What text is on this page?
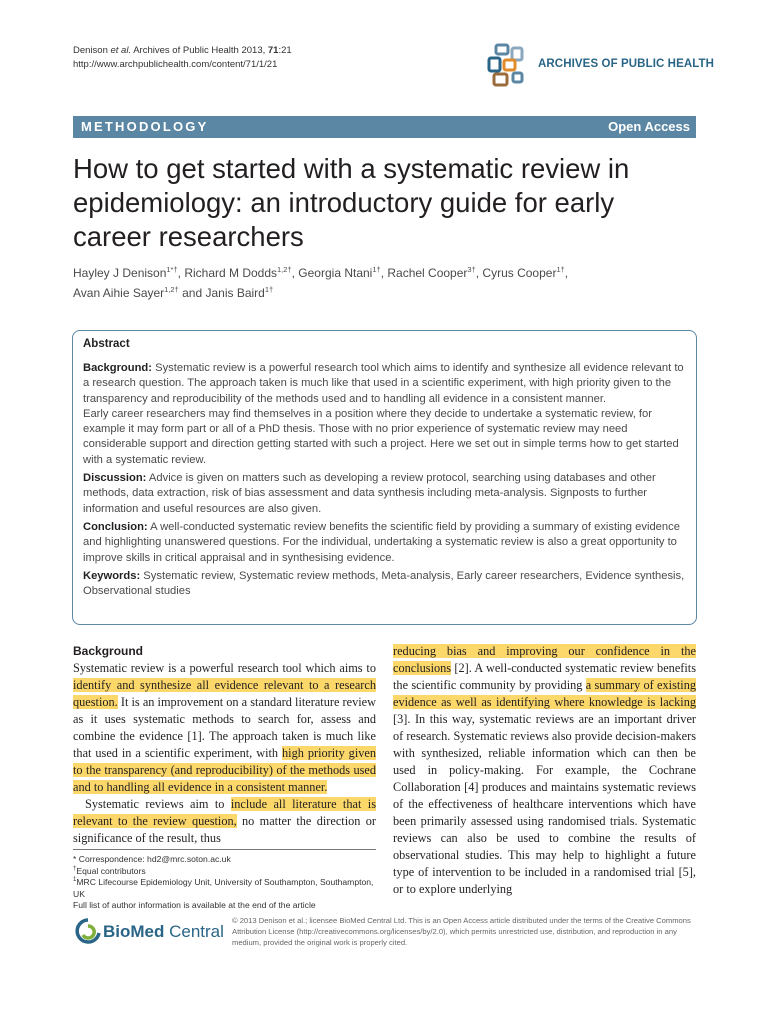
Denison et al. Archives of Public Health 2013, 71:21
http://www.archpublichealth.com/content/71/1/21	ARCHIVES OF PUBLIC HEALTH
METHODOLOGY	Open Access
How to get started with a systematic review in epidemiology: an introductory guide for early career researchers
Hayley J Denison$^{1*\dagger}$, Richard M Dodds$^{1,2\dagger}$, Georgia Ntani$^{1\dagger}$, Rachel Cooper$^{3\dagger}$, Cyrus Cooper$^{1\dagger}$,
Avan Aihie Sayer$^{1,2\dagger}$ and Janis Baird$^{1\dagger}$
Abstract

Background: Systematic review is a powerful research tool which aims to identify and synthesize all evidence relevant to a research question. The approach taken is much like that used in a scientific experiment, with high priority given to the transparency and reproducibility of the methods used and to handling all evidence in a consistent manner.

Early career researchers may find themselves in a position where they decide to undertake a systematic review, for example it may form part or all of a PhD thesis. Those with no prior experience of systematic review may need considerable support and direction getting started with such a project. Here we set out in simple terms how to get started with a systematic review.

Discussion: Advice is given on matters such as developing a review protocol, searching using databases and other methods, data extraction, risk of bias assessment and data synthesis including meta-analysis. Signposts to further information and useful resources are also given.

Conclusion: A well-conducted systematic review benefits the scientific field by providing a summary of existing evidence and highlighting unanswered questions. For the individual, undertaking a systematic review is also a great opportunity to improve skills in critical appraisal and in synthesising evidence.

Keywords: Systematic review, Systematic review methods, Meta-analysis, Early career researchers, Evidence synthesis, Observational studies

Background

Systematic review is a powerful research tool which aims to identify and synthesize all evidence relevant to a research question. It is an improvement on a standard literature review as it uses systematic methods to search for, assess and combine the evidence [1]. The approach taken is much like that used in a scientific experiment, with high priority given to the transparency (and reproducibility) of the methods used and to handling all evidence in a consistent manner.

Systematic reviews aim to include all literature that is relevant to the review question, no matter the direction or significance of the result, thus

reducing bias and improving our confidence in the conclusions [2]. A well-conducted systematic review benefits the scientific community by providing a summary of existing evidence as well as identifying where knowledge is lacking [3]. In this way, systematic reviews are an important driver of research. Systematic reviews also provide decision-makers with synthesized, reliable information which can then be used in policy-making. For example, the Cochrane Collaboration [4] produces and maintains systematic reviews of the effectiveness of healthcare interventions which have been primarily assessed using randomised trials. Systematic reviews can also be used to combine the results of observational studies. This may help to highlight a future type of intervention to be included in a randomised trial [5], or to explore underlying

* Correspondence: hd2@mrc.soton.ac.uk
†Equal contributors
$^1$MRC Lifecourse Epidemiology Unit, University of Southampton, Southampton, UK
Full list of author information is available at the end of the article
BioMed Central
© 2013 Denison et al.; licensee BioMed Central Ltd. This is an Open Access article distributed under the terms of the Creative Commons Attribution License (http://creativecommons.org/licenses/by/2.0), which permits unrestricted use, distribution, and reproduction in any medium, provided the original work is properly cited.
